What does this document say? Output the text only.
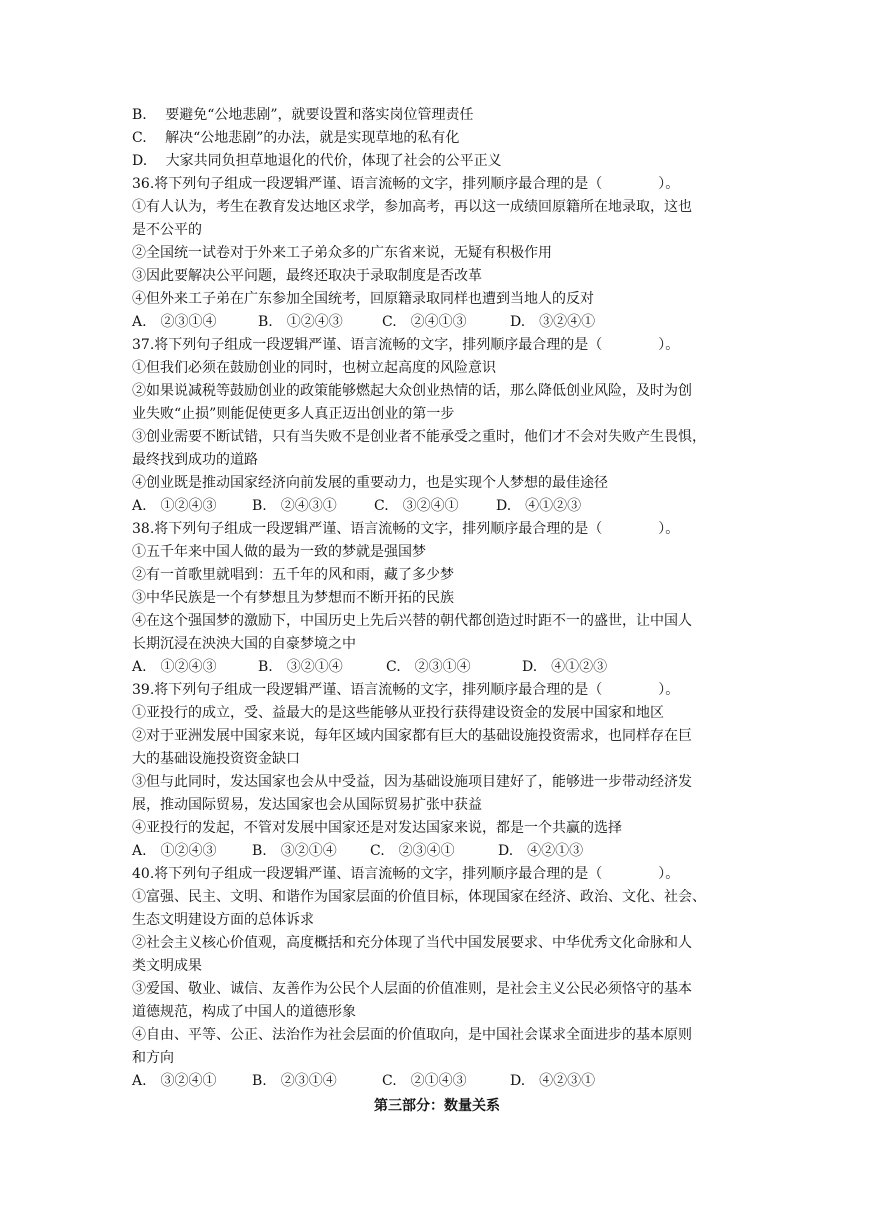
B.　 要避免“公地悲剧”，就要设置和落实岗位管理责任
C.　 解决“公地悲剧”的办法，就是实现草地的私有化
D.　 大家共同负担草地退化的代价，体现了社会的公平正义
36.将下列句子组成一段逻辑严谨、语言流畅的文字，排列顺序最合理的是（　　　　）。
①有人认为，考生在教育发达地区求学，参加高考，再以这一成绩回原籍所在地录取，这也
是不公平的
②全国统一试卷对于外来工子弟众多的广东省来说，无疑有积极作用
③因此要解决公平问题，最终还取决于录取制度是否改革
④但外来工子弟在广东参加全国统考，回原籍录取同样也遭到当地人的反对
A.　②③①④	B.　①②④③	C.　②④①③	D.　③②④①
37.将下列句子组成一段逻辑严谨、语言流畅的文字，排列顺序最合理的是（　　　　）。
①但我们必须在鼓励创业的同时，也树立起高度的风险意识
②如果说减税等鼓励创业的政策能够燃起大众创业热情的话，那么降低创业风险，及时为创
业失败“止损”则能促使更多人真正迈出创业的第一步
③创业需要不断试错，只有当失败不是创业者不能承受之重时，他们才不会对失败产生畏惧，
最终找到成功的道路
④创业既是推动国家经济向前发展的重要动力，也是实现个人梦想的最佳途径
A.　①②④③	B.　②④③①	C.　③②④①	D.　④①②③
38.将下列句子组成一段逻辑严谨、语言流畅的文字，排列顺序最合理的是（　　　　）。
①五千年来中国人做的最为一致的梦就是强国梦
②有一首歌里就唱到：五千年的风和雨，藏了多少梦
③中华民族是一个有梦想且为梦想而不断开拓的民族
④在这个强国梦的激励下，中国历史上先后兴替的朝代都创造过时距不一的盛世，让中国人
长期沉浸在泱泱大国的自豪梦境之中
A.　①②④③	B.　③②①④	C.　②③①④	D.　④①②③
39.将下列句子组成一段逻辑严谨、语言流畅的文字，排列顺序最合理的是（　　　　）。
①亚投行的成立，受、益最大的是这些能够从亚投行获得建设资金的发展中国家和地区
②对于亚洲发展中国家来说，每年区域内国家都有巨大的基础设施投资需求，也同样存在巨
大的基础设施投资资金缺口
③但与此同时，发达国家也会从中受益，因为基础设施项目建好了，能够进一步带动经济发
展，推动国际贸易，发达国家也会从国际贸易扩张中获益
④亚投行的发起，不管对发展中国家还是对发达国家来说，都是一个共赢的选择
A.　①②④③	B.　③②①④	C.　②③④①	D.　④②①③
40.将下列句子组成一段逻辑严谨、语言流畅的文字，排列顺序最合理的是（　　　　）。
①富强、民主、文明、和谐作为国家层面的价值目标，体现国家在经济、政治、文化、社会、
生态文明建设方面的总体诉求
②社会主义核心价值观，高度概括和充分体现了当代中国发展要求、中华优秀文化命脉和人
类文明成果
③爱国、敬业、诚信、友善作为公民个人层面的价值准则，是社会主义公民必须恪守的基本
道德规范，构成了中国人的道德形象
④自由、平等、公正、法治作为社会层面的价值取向，是中国社会谋求全面进步的基本原则
和方向
A.　③②④①	B.　②③①④	C.　②①④③	D.　④②③①
第三部分：数量关系
